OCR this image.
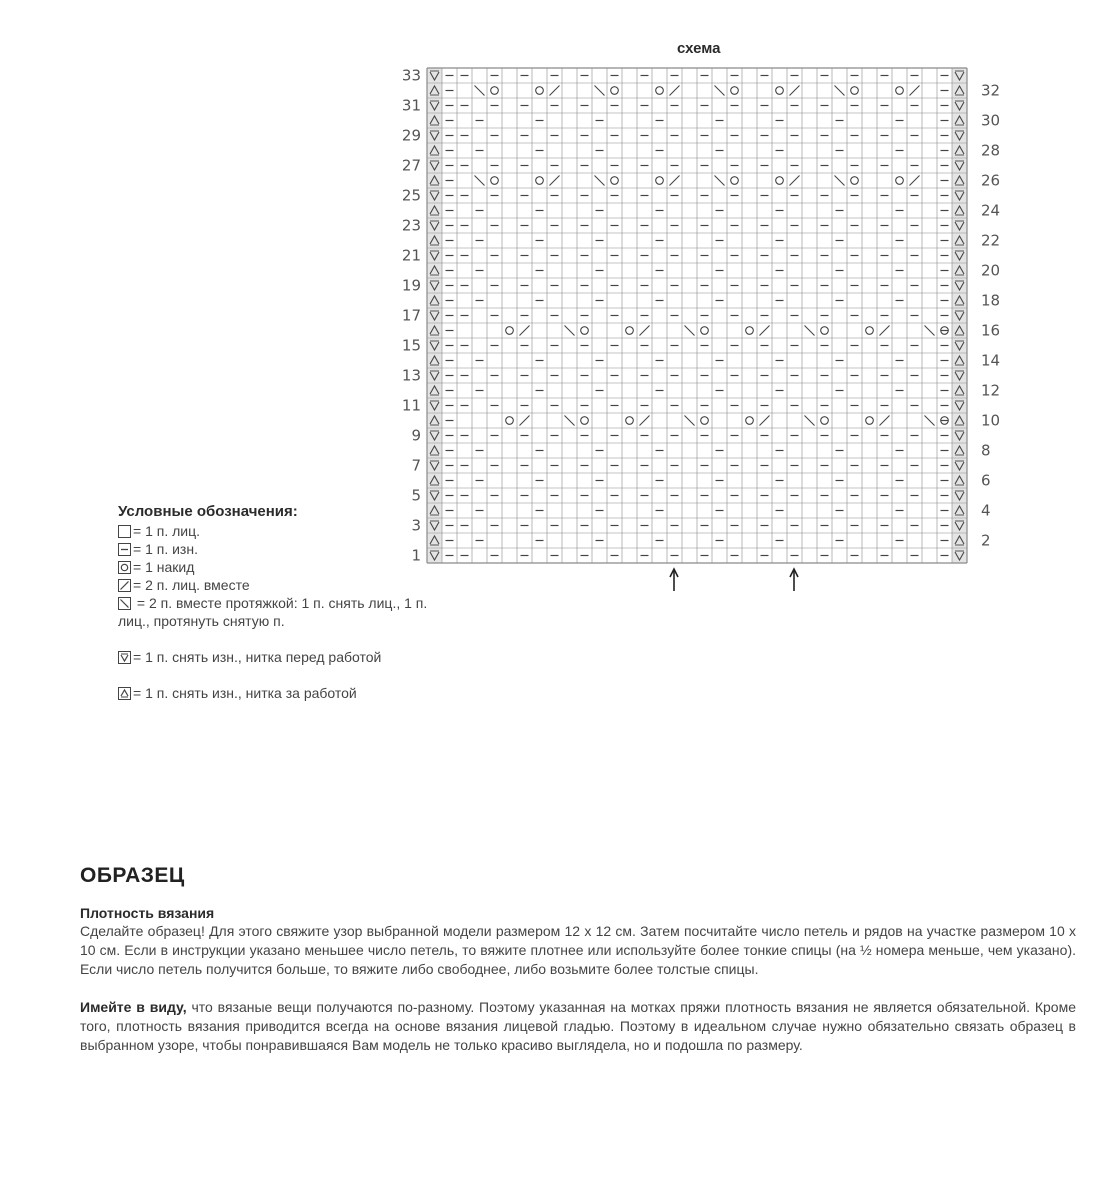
схема
33
31
29
27
25
23
21
19
17
15
13
11
9
7
5
3
1
32
30
28
26
24
22
20
18
16
14
12
10
8
6
4
2
Условные обозначения:
= 1 п. лиц.
= 1 п. изн.
= 1 накид
= 2 п. лиц. вместе
= 2 п. вместе протяжкой: 1 п. снять лиц., 1 п. лиц., протянуть снятую п.
= 1 п. снять изн., нитка перед работой
= 1 п. снять изн., нитка за работой
ОБРАЗЕЦ
Плотность вязания

Сделайте образец! Для этого свяжите узор выбранной модели размером 12 х 12 см. Затем посчитайте число петель и рядов на участке размером 10 х 10 см. Если в инструкции указано меньшее число петель, то вяжите плотнее или используйте более тонкие спицы (на ½ номера меньше, чем указано). Если число петель получится больше, то вяжите либо свободнее, либо возьмите более толстые спицы.

Имейте в виду, что вязаные вещи получаются по-разному. Поэтому указанная на мотках пряжи плотность вязания не является обязательной. Кроме того, плотность вязания приводится всегда на основе вязания лицевой гладью. Поэтому в идеальном случае нужно обязательно связать образец в выбранном узоре, чтобы понравившаяся Вам модель не только красиво выглядела, но и подошла по размеру.
